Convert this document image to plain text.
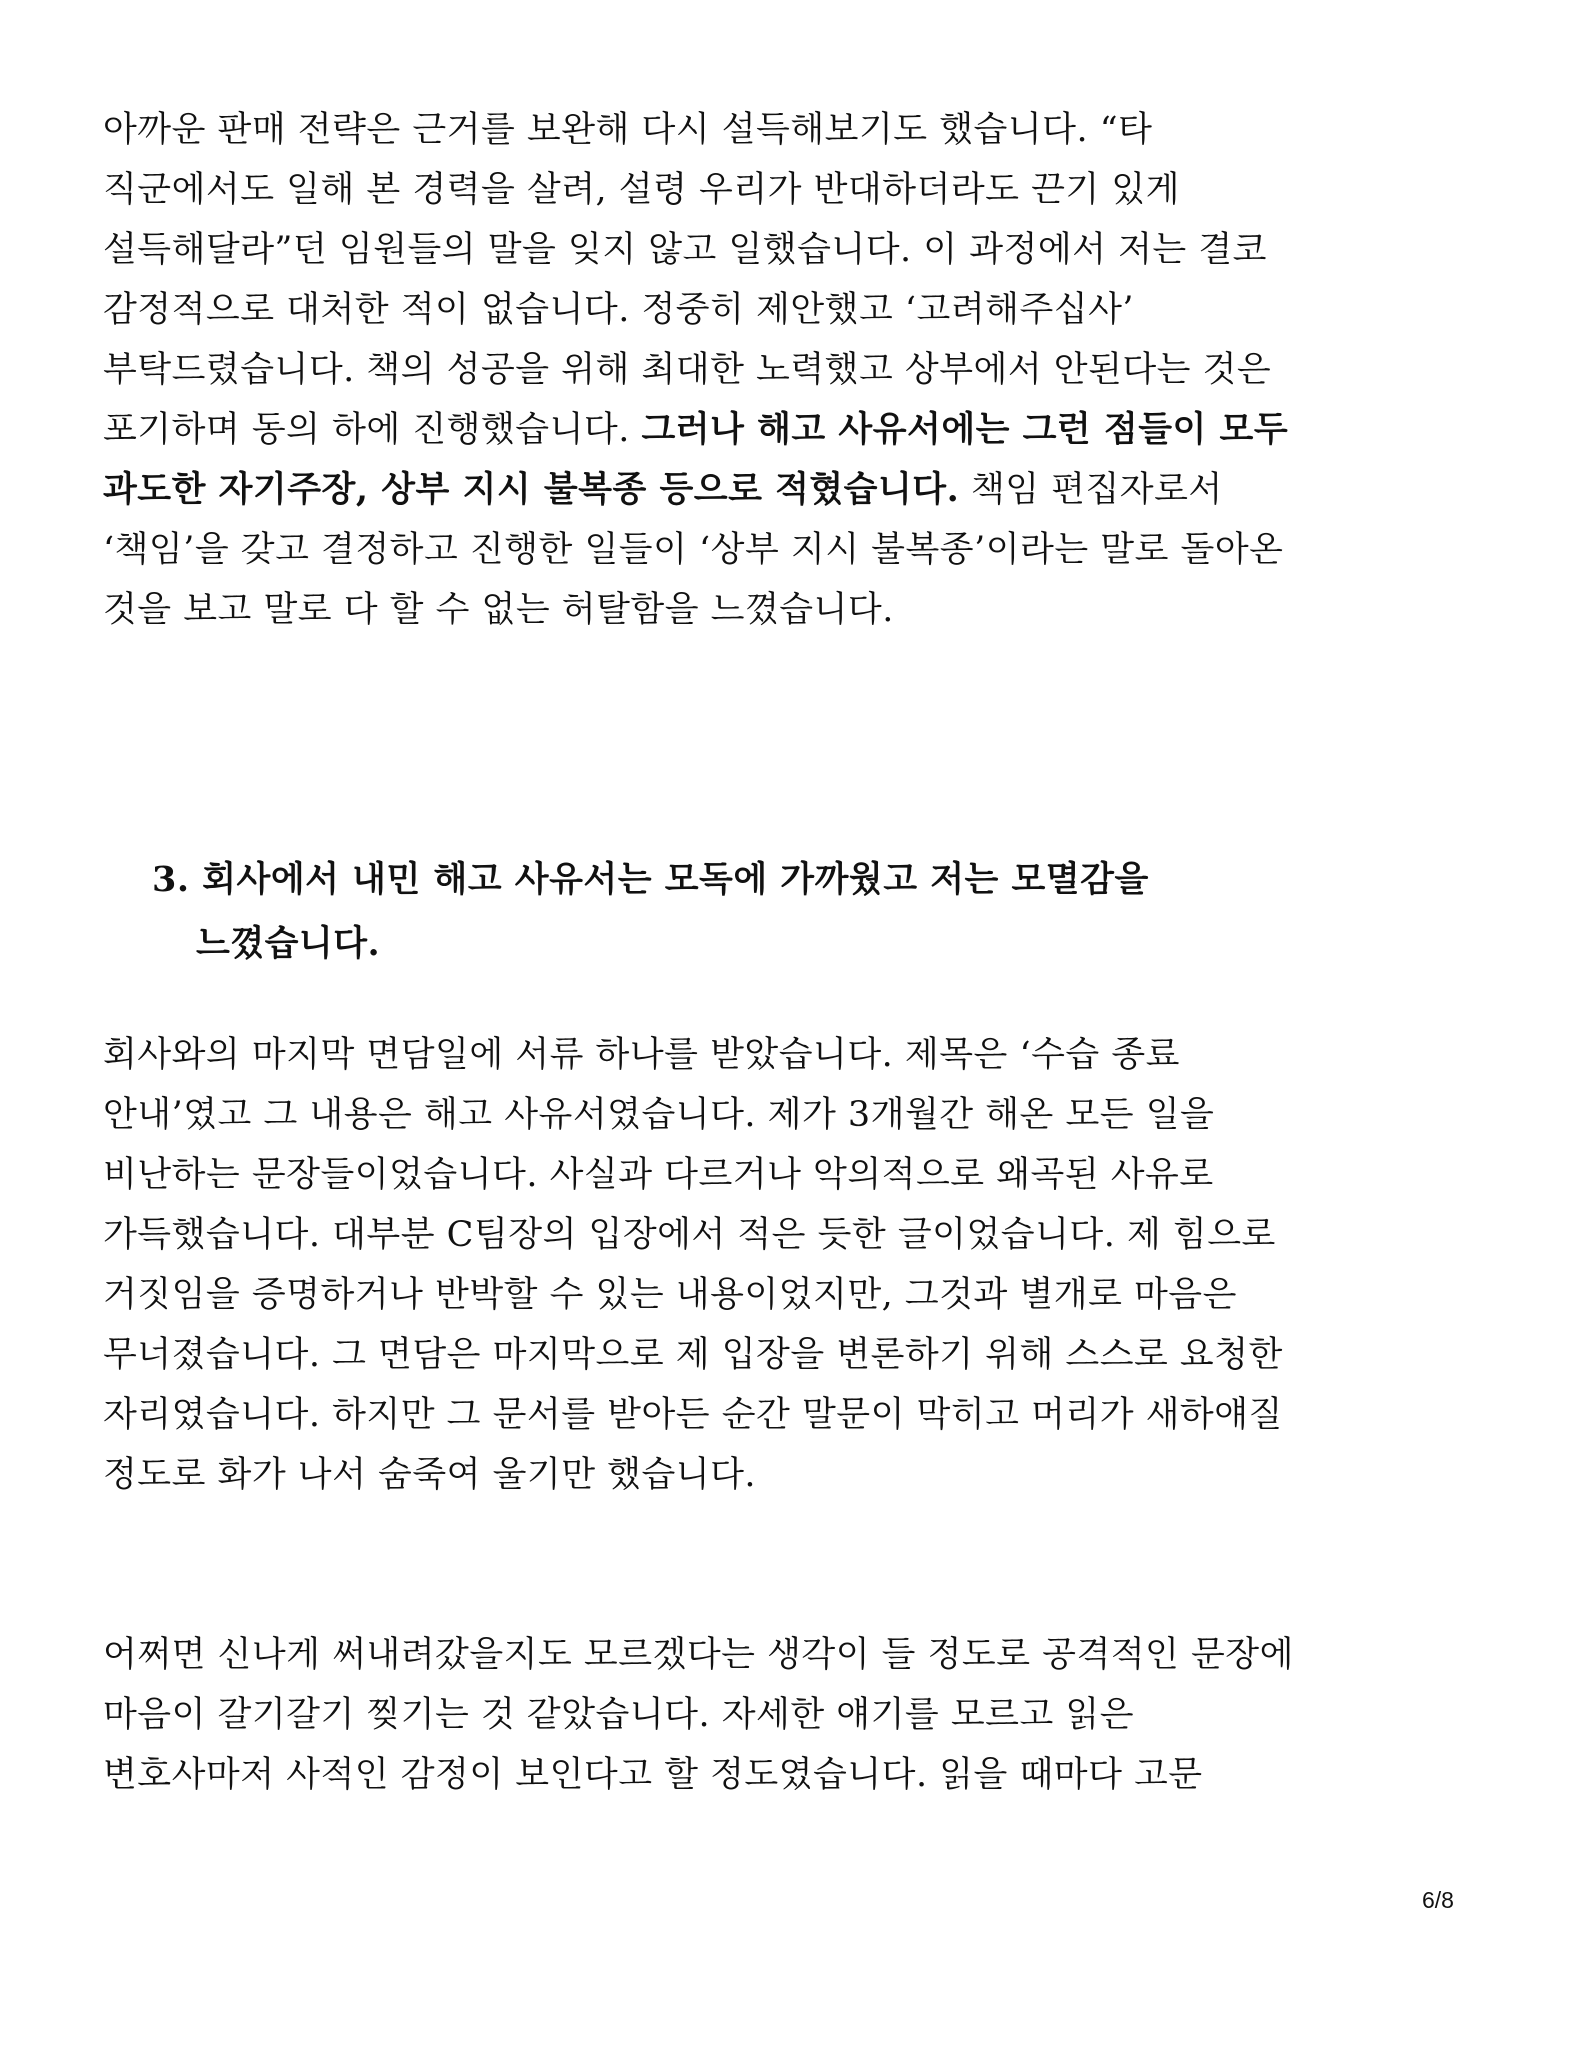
아까운 판매 전략은 근거를 보완해 다시 설득해보기도 했습니다. “타
직군에서도 일해 본 경력을 살려, 설령 우리가 반대하더라도 끈기 있게
설득해달라”던 임원들의 말을 잊지 않고 일했습니다. 이 과정에서 저는 결코
감정적으로 대처한 적이 없습니다. 정중히 제안했고 ‘고려해주십사’
부탁드렸습니다. 책의 성공을 위해 최대한 노력했고 상부에서 안된다는 것은
포기하며 동의 하에 진행했습니다. 그러나 해고 사유서에는 그런 점들이 모두
과도한 자기주장, 상부 지시 불복종 등으로 적혔습니다. 책임 편집자로서
‘책임’을 갖고 결정하고 진행한 일들이 ‘상부 지시 불복종’이라는 말로 돌아온
것을 보고 말로 다 할 수 없는 허탈함을 느꼈습니다.
3. 회사에서 내민 해고 사유서는 모독에 가까웠고 저는 모멸감을
느꼈습니다.
회사와의 마지막 면담일에 서류 하나를 받았습니다. 제목은 ‘수습 종료
안내’였고 그 내용은 해고 사유서였습니다. 제가 3개월간 해온 모든 일을
비난하는 문장들이었습니다. 사실과 다르거나 악의적으로 왜곡된 사유로
가득했습니다. 대부분 C팀장의 입장에서 적은 듯한 글이었습니다. 제 힘으로
거짓임을 증명하거나 반박할 수 있는 내용이었지만, 그것과 별개로 마음은
무너졌습니다. 그 면담은 마지막으로 제 입장을 변론하기 위해 스스로 요청한
자리였습니다. 하지만 그 문서를 받아든 순간 말문이 막히고 머리가 새하얘질
정도로 화가 나서 숨죽여 울기만 했습니다.
어쩌면 신나게 써내려갔을지도 모르겠다는 생각이 들 정도로 공격적인 문장에
마음이 갈기갈기 찢기는 것 같았습니다. 자세한 얘기를 모르고 읽은
변호사마저 사적인 감정이 보인다고 할 정도였습니다. 읽을 때마다 고문
6/8
